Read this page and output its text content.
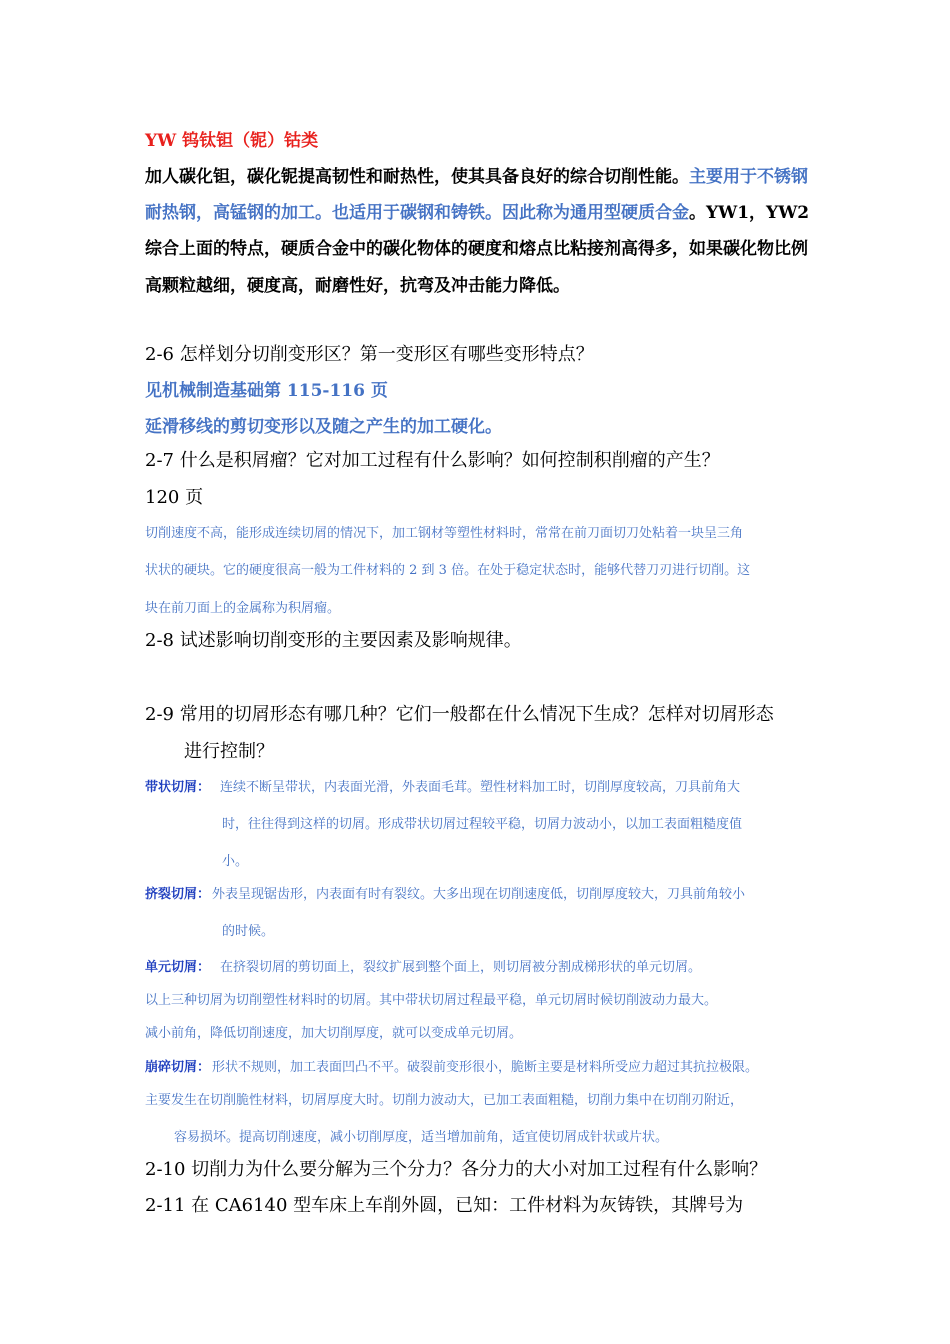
YW 钨钛钽（铌）钴类
加人碳化钽，碳化铌提高韧性和耐热性，使其具备良好的综合切削性能。主要用于不锈钢
耐热钢，高锰钢的加工。也适用于碳钢和铸铁。因此称为通用型硬质合金。YW1，YW2
综合上面的特点，硬质合金中的碳化物体的硬度和熔点比粘接剂高得多，如果碳化物比例
高颗粒越细，硬度高，耐磨性好，抗弯及冲击能力降低。
2-6 怎样划分切削变形区？第一变形区有哪些变形特点？
见机械制造基础第 115-116 页
延滑移线的剪切变形以及随之产生的加工硬化。
2-7 什么是积屑瘤？它对加工过程有什么影响？如何控制积削瘤的产生？
120 页
切削速度不高，能形成连续切屑的情况下，加工钢材等塑性材料时，常常在前刀面切刀处粘着一块呈三角
状状的硬块。它的硬度很高一般为工件材料的 2 到 3 倍。在处于稳定状态时，能够代替刀刃进行切削。这
块在前刀面上的金属称为积屑瘤。
2-8 试述影响切削变形的主要因素及影响规律。
2-9 常用的切屑形态有哪几种？它们一般都在什么情况下生成？怎样对切屑形态
进行控制？
带状切屑： 连续不断呈带状，内表面光滑，外表面毛茸。塑性材料加工时，切削厚度较高，刀具前角大
时，往往得到这样的切屑。形成带状切屑过程较平稳，切屑力波动小，以加工表面粗糙度值
小。
挤裂切屑： 外表呈现锯齿形，内表面有时有裂纹。大多出现在切削速度低，切削厚度较大，刀具前角较小
的时候。
单元切屑： 在挤裂切屑的剪切面上，裂纹扩展到整个面上，则切屑被分割成梯形状的单元切屑。
以上三种切屑为切削塑性材料时的切屑。其中带状切屑过程最平稳，单元切屑时候切削波动力最大。
减小前角，降低切削速度，加大切削厚度，就可以变成单元切屑。
崩碎切屑： 形状不规则，加工表面凹凸不平。破裂前变形很小，脆断主要是材料所受应力超过其抗拉极限。
主要发生在切削脆性材料，切屑厚度大时。切削力波动大，已加工表面粗糙，切削力集中在切削刃附近，
容易损坏。提高切削速度，减小切削厚度，适当增加前角，适宜使切屑成针状或片状。
2-10 切削力为什么要分解为三个分力？各分力的大小对加工过程有什么影响？
2-11 在 CA6140 型车床上车削外圆，已知：工件材料为灰铸铁，其牌号为
